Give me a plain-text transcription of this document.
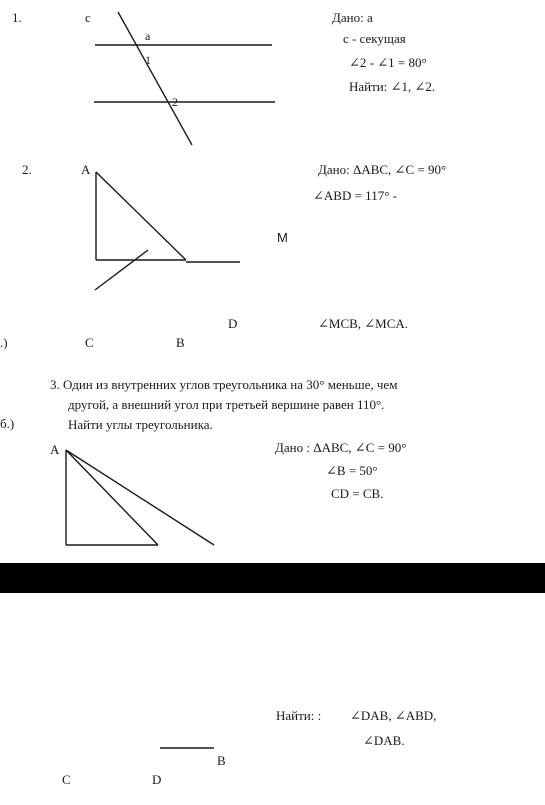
1.	c
a
1
2
Дано: a
c - секущая
∠2 - ∠1 = 80°
Найти: ∠1, ∠2.
2.	A	Дано: ΔABC, ∠C = 90°
∠ABD = 117° -
M
D	∠MCB, ∠MCA.
.)	C	B
3. Один из внутренних углов треугольника на 30° меньше, чем
другой, а внешний угол при третьей вершине равен 110°.
б.)	Найти углы треугольника.
A	Дано : ΔABC, ∠C = 90°
∠B = 50°
CD = CB.
Найти: : ∠DAB, ∠ABD,
∠DAB.
B
C	D
